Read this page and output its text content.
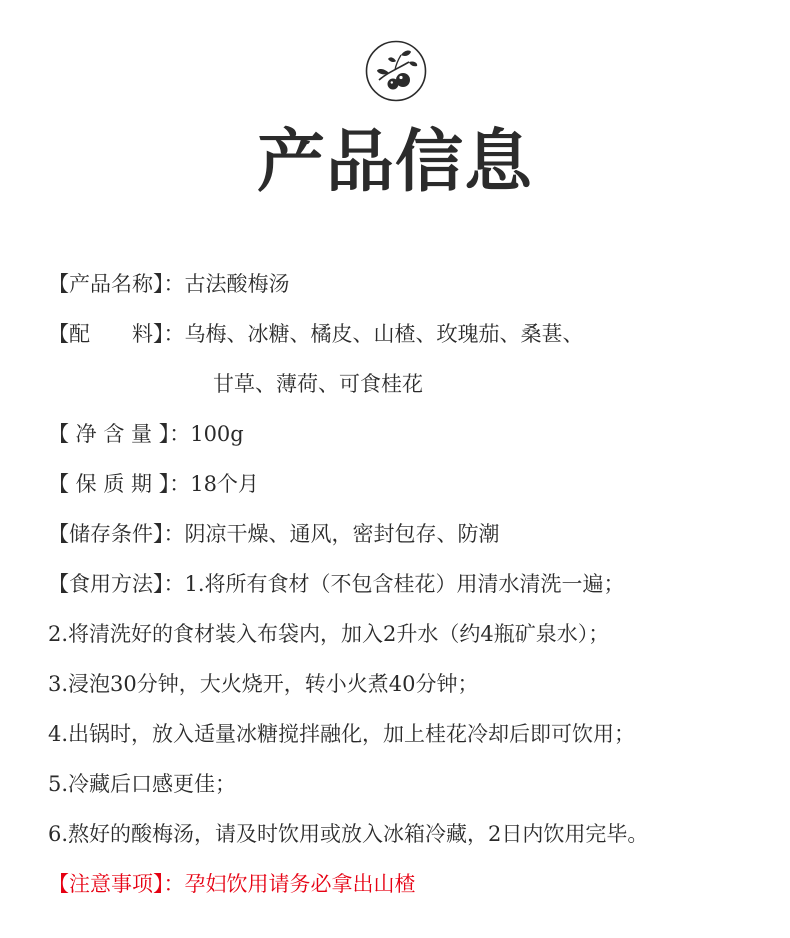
产品信息
【产品名称】：古法酸梅汤
【配　　料】：乌梅、冰糖、橘皮、山楂、玫瑰茄、桑葚、
甘草、薄荷、可食桂花
【 净 含 量 】：100g
【 保 质 期 】：18个月
【储存条件】：阴凉干燥、通风，密封包存、防潮
【食用方法】：1.将所有食材（不包含桂花）用清水清洗一遍；
2.将清洗好的食材装入布袋内，加入2升水（约4瓶矿泉水）；
3.浸泡30分钟，大火烧开，转小火煮40分钟；
4.出锅时，放入适量冰糖搅拌融化，加上桂花冷却后即可饮用；
5.冷藏后口感更佳；
6.熬好的酸梅汤，请及时饮用或放入冰箱冷藏，2日内饮用完毕。
【注意事项】：孕妇饮用请务必拿出山楂
